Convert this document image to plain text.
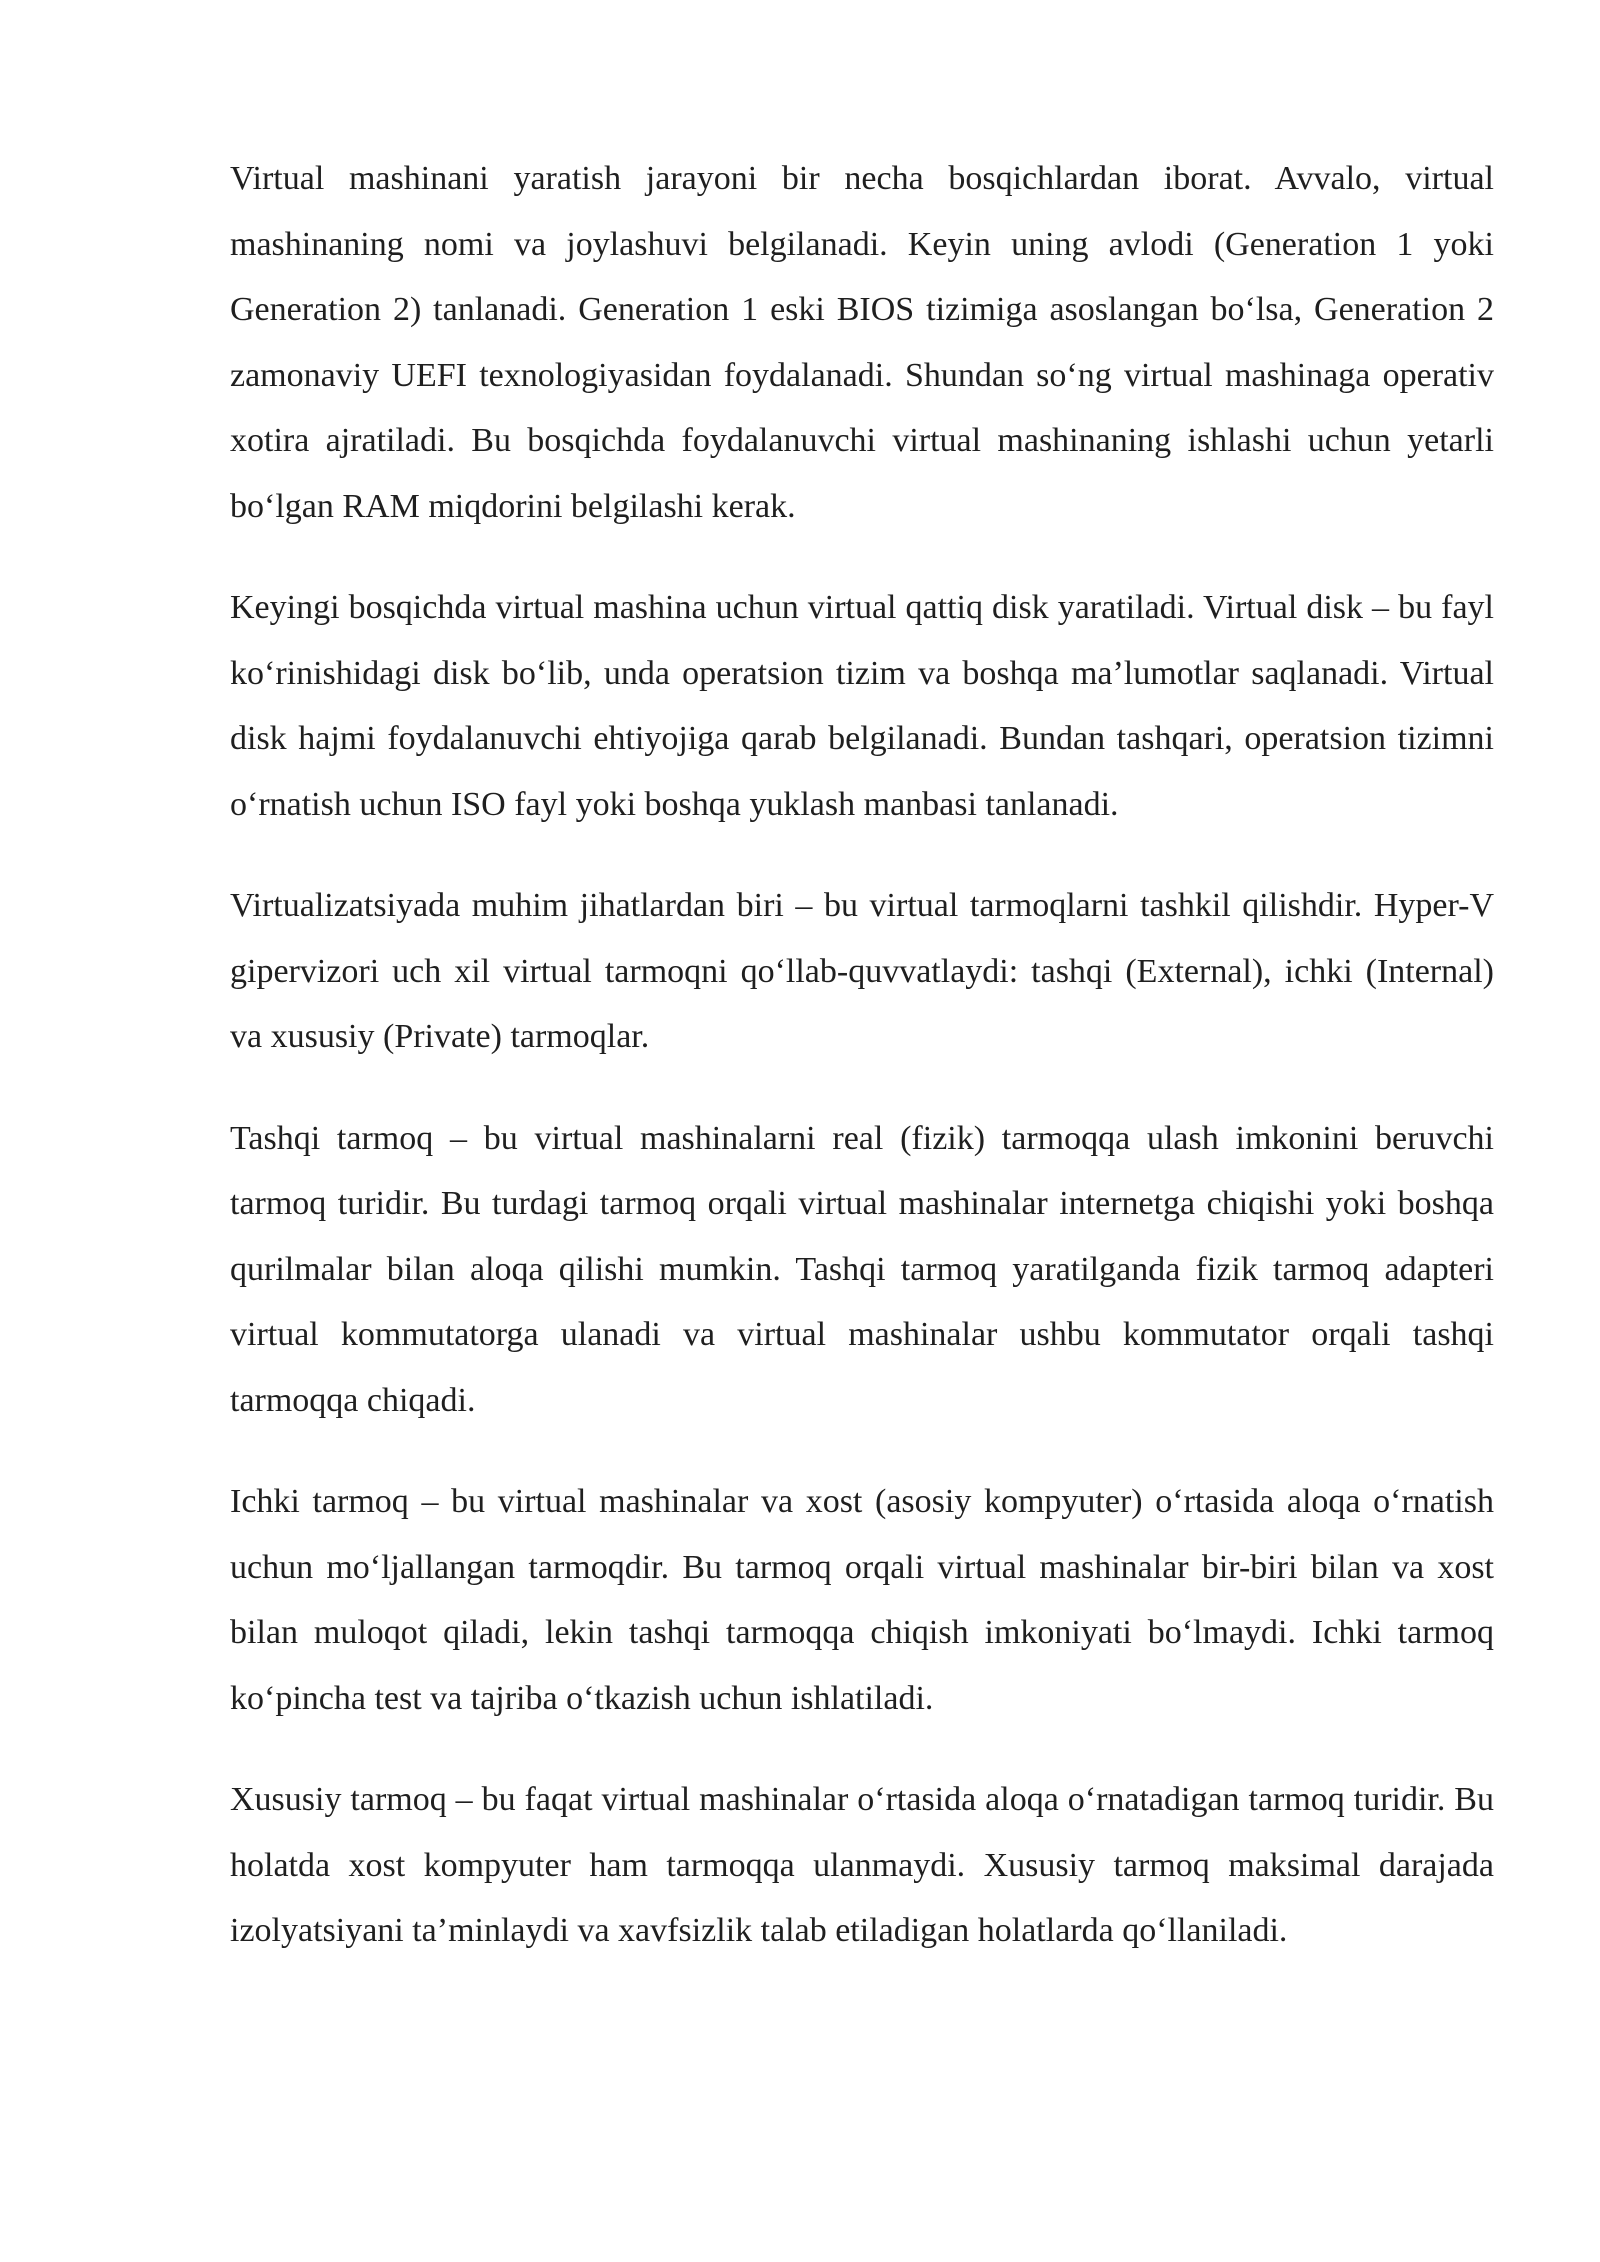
Virtual mashinani yaratish jarayoni bir necha bosqichlardan iborat. Avvalo, virtual mashinaning nomi va joylashuvi belgilanadi. Keyin uning avlodi (Generation 1 yoki Generation 2) tanlanadi. Generation 1 eski BIOS tizimiga asoslangan bo‘lsa, Generation 2 zamonaviy UEFI texnologiyasidan foydalanadi. Shundan so‘ng virtual mashinaga operativ xotira ajratiladi. Bu bosqichda foydalanuvchi virtual mashinaning ishlashi uchun yetarli bo‘lgan RAM miqdorini belgilashi kerak.

Keyingi bosqichda virtual mashina uchun virtual qattiq disk yaratiladi. Virtual disk – bu fayl ko‘rinishidagi disk bo‘lib, unda operatsion tizim va boshqa ma’lumotlar saqlanadi. Virtual disk hajmi foydalanuvchi ehtiyojiga qarab belgilanadi. Bundan tashqari, operatsion tizimni o‘rnatish uchun ISO fayl yoki boshqa yuklash manbasi tanlanadi.

Virtualizatsiyada muhim jihatlardan biri – bu virtual tarmoqlarni tashkil qilishdir. Hyper-V gipervizori uch xil virtual tarmoqni qo‘llab-quvvatlaydi: tashqi (External), ichki (Internal) va xususiy (Private) tarmoqlar.

Tashqi tarmoq – bu virtual mashinalarni real (fizik) tarmoqqa ulash imkonini beruvchi tarmoq turidir. Bu turdagi tarmoq orqali virtual mashinalar internetga chiqishi yoki boshqa qurilmalar bilan aloqa qilishi mumkin. Tashqi tarmoq yaratilganda fizik tarmoq adapteri virtual kommutatorga ulanadi va virtual mashinalar ushbu kommutator orqali tashqi tarmoqqa chiqadi.

Ichki tarmoq – bu virtual mashinalar va xost (asosiy kompyuter) o‘rtasida aloqa o‘rnatish uchun mo‘ljallangan tarmoqdir. Bu tarmoq orqali virtual mashinalar bir-biri bilan va xost bilan muloqot qiladi, lekin tashqi tarmoqqa chiqish imkoniyati bo‘lmaydi. Ichki tarmoq ko‘pincha test va tajriba o‘tkazish uchun ishlatiladi.

Xususiy tarmoq – bu faqat virtual mashinalar o‘rtasida aloqa o‘rnatadigan tarmoq turidir. Bu holatda xost kompyuter ham tarmoqqa ulanmaydi. Xususiy tarmoq maksimal darajada izolyatsiyani ta’minlaydi va xavfsizlik talab etiladigan holatlarda qo‘llaniladi.
